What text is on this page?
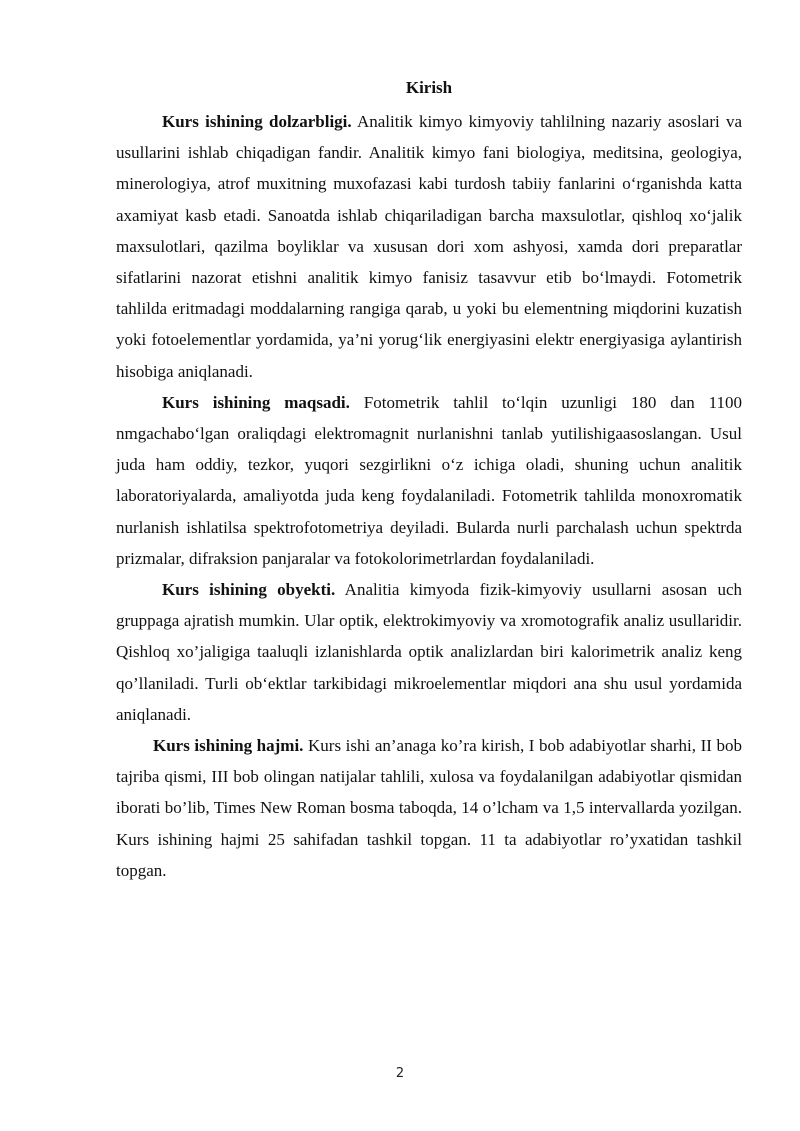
Kirish

Kurs ishining dolzarbligi. Analitik kimyo kimyoviy tahlilning nazariy asoslari va usullarini ishlab chiqadigan fandir. Analitik kimyo fani biologiya, meditsina, geologiya, minerologiya, atrof muxitning muxofazasi kabi turdosh tabiiy fanlarini o‘rganishda katta axamiyat kasb etadi. Sanoatda ishlab chiqariladigan barcha maxsulotlar, qishloq xo‘jalik maxsulotlari, qazilma boyliklar va xususan dori xom ashyosi, xamda dori preparatlar sifatlarini nazorat etishni analitik kimyo fanisiz tasavvur etib bo‘lmaydi. Fotometrik tahlilda eritmadagi moddalarning rangiga qarab, u yoki bu elementning miqdorini kuzatish yoki fotoelementlar yordamida, ya’ni yorug‘lik energiyasini elektr energiyasiga aylantirish hisobiga aniqlanadi.

Kurs ishining maqsadi. Fotometrik tahlil to‘lqin uzunligi 180 dan 1100 nmgachabo‘lgan oraliqdagi elektromagnit nurlanishni tanlab yutilishigaasoslangan. Usul juda ham oddiy, tezkor, yuqori sezgirlikni o‘z ichiga oladi, shuning uchun analitik laboratoriyalarda, amaliyotda juda keng foydalaniladi. Fotometrik tahlilda monoxromatik nurlanish ishlatilsa spektrofotometriya deyiladi. Bularda nurli parchalash uchun spektrda prizmalar, difraksion panjaralar va fotokolorimetrlardan foydalaniladi.

Kurs ishining obyekti. Analitia kimyoda fizik-kimyoviy usullarni asosan uch gruppaga ajratish mumkin. Ular optik, elektrokimyoviy va xromotografik analiz usullaridir. Qishloq xo’jaligiga taaluqli izlanishlarda optik analizlardan biri kalorimetrik analiz keng qo’llaniladi. Turli ob‘ektlar tarkibidagi mikroelementlar miqdori ana shu usul yordamida aniqlanadi.

Kurs ishining hajmi. Kurs ishi an’anaga ko’ra kirish, I bob adabiyotlar sharhi, II bob tajriba qismi, III bob olingan natijalar tahlili, xulosa va foydalanilgan adabiyotlar qismidan iborati bo’lib, Times New Roman bosma taboqda, 14 o’lcham va 1,5 intervallarda yozilgan. Kurs ishining hajmi 25 sahifadan tashkil topgan. 11 ta adabiyotlar ro’yxatidan tashkil topgan.

2
